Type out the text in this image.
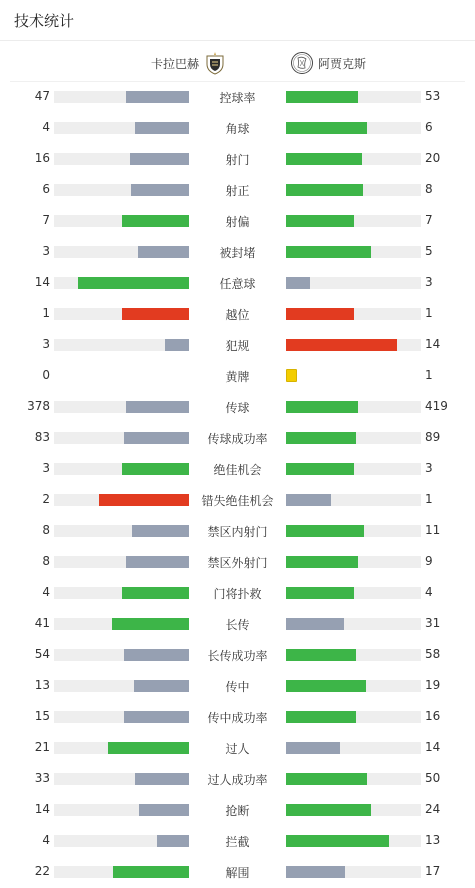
技术统计
卡拉巴赫	阿贾克斯
47	控球率	53
4	角球	6
16	射门	20
6	射正	8
7	射偏	7
3	被封堵	5
14	任意球	3
1	越位	1
3	犯规	14
0	黄牌	1
378	传球	419
83	传球成功率	89
3	绝佳机会	3
2	错失绝佳机会	1
8	禁区内射门	11
8	禁区外射门	9
4	门将扑救	4
41	长传	31
54	长传成功率	58
13	传中	19
15	传中成功率	16
21	过人	14
33	过人成功率	50
14	抢断	24
4	拦截	13
22	解围	17
